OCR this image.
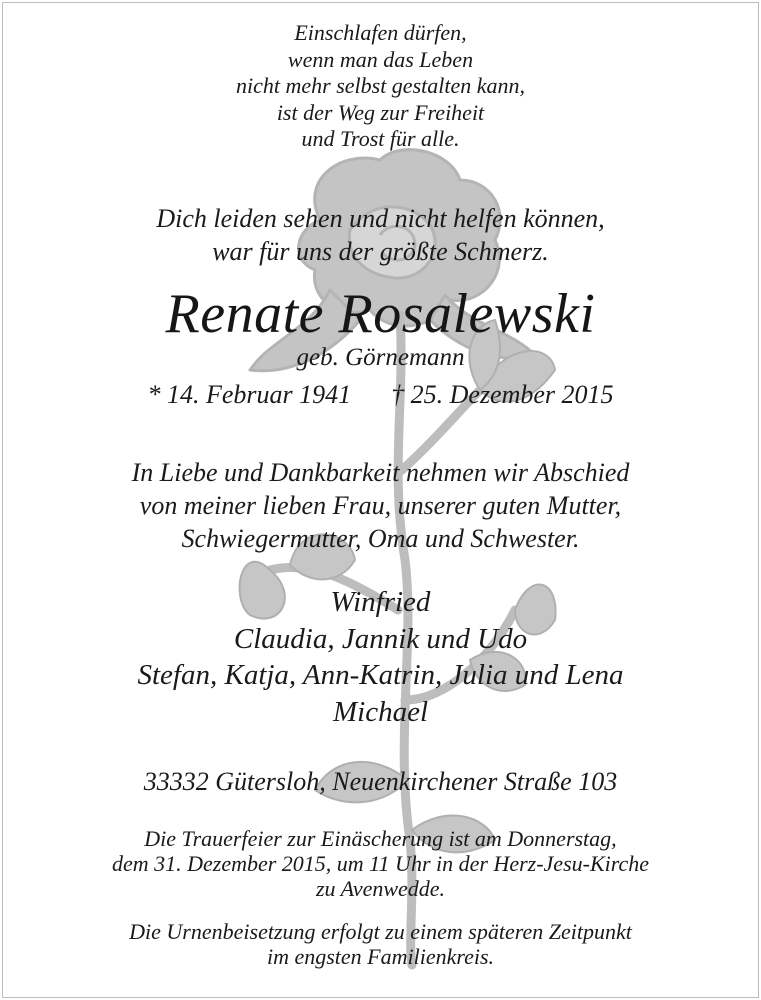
Einschlafen dürfen,
wenn man das Leben
nicht mehr selbst gestalten kann,
ist der Weg zur Freiheit
und Trost für alle.
Dich leiden sehen und nicht helfen können,
war für uns der größte Schmerz.
Renate Rosalewski
geb. Görnemann
* 14. Februar 1941 † 25. Dezember 2015
In Liebe und Dankbarkeit nehmen wir Abschied
von meiner lieben Frau, unserer guten Mutter,
Schwiegermutter, Oma und Schwester.
Winfried
Claudia, Jannik und Udo
Stefan, Katja, Ann-Katrin, Julia und Lena
Michael
33332 Gütersloh, Neuenkirchener Straße 103
Die Trauerfeier zur Einäscherung ist am Donnerstag,
dem 31. Dezember 2015, um 11 Uhr in der Herz-Jesu-Kirche
zu Avenwedde.
Die Urnenbeisetzung erfolgt zu einem späteren Zeitpunkt
im engsten Familienkreis.
